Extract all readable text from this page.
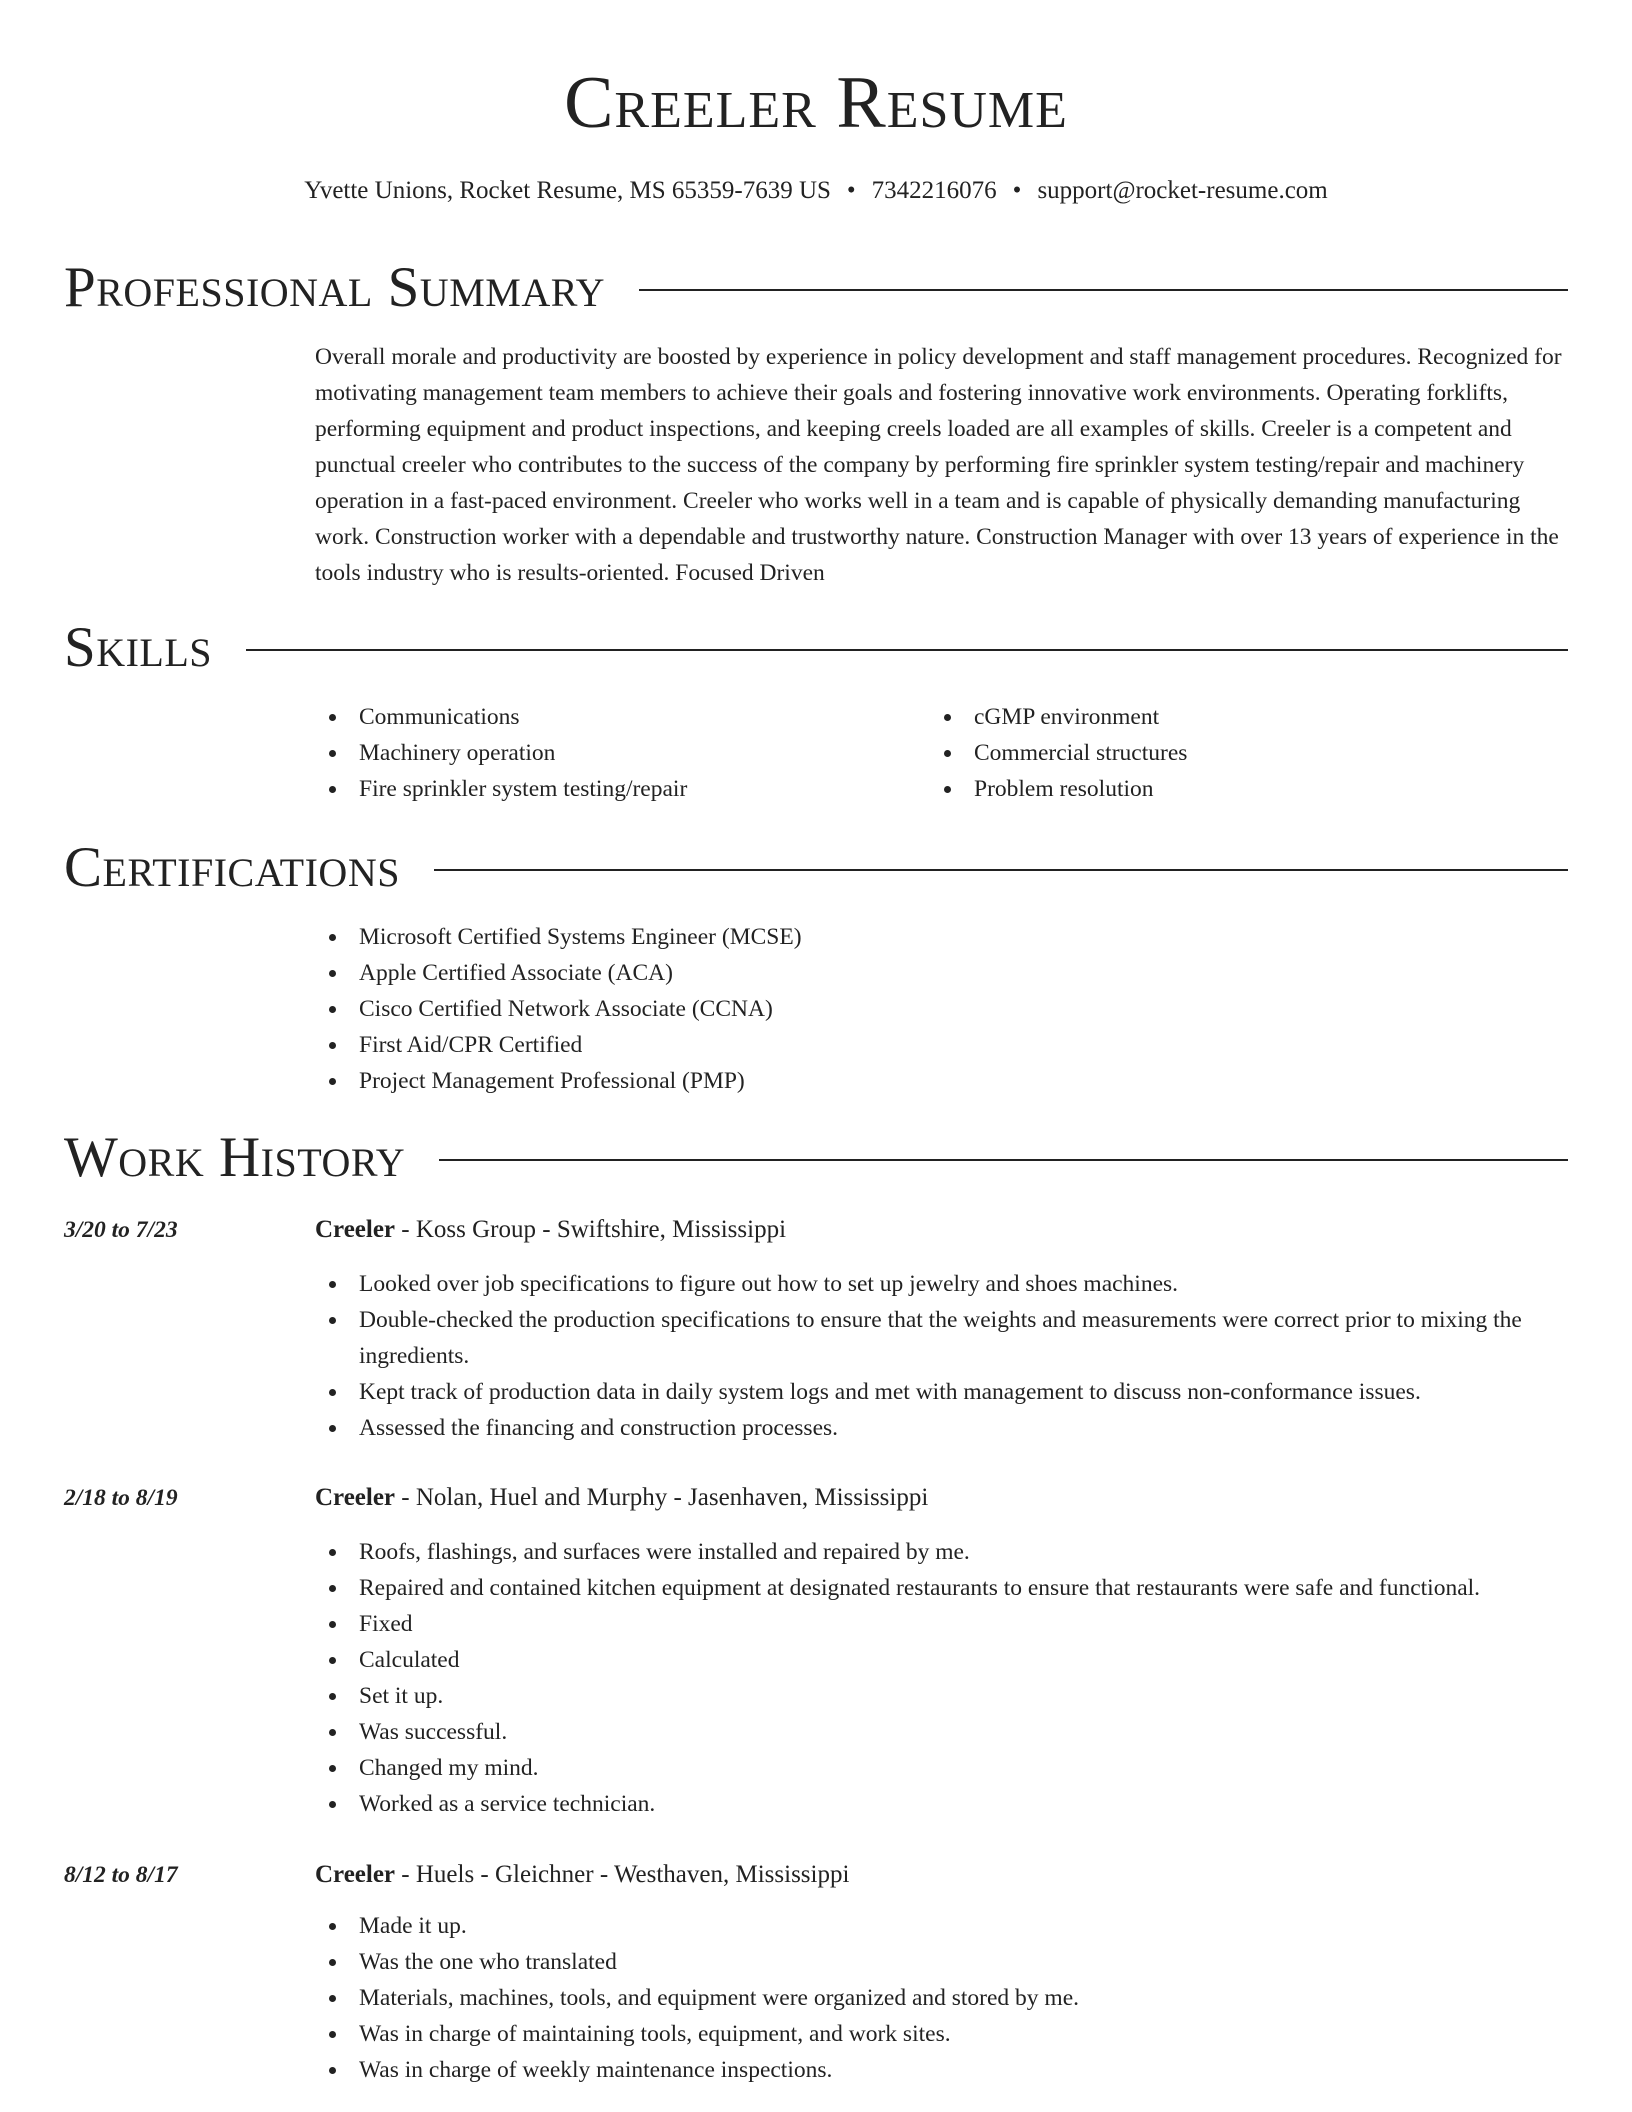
Creeler Resume
Yvette Unions, Rocket Resume, MS 65359-7639 US • 7342216076 • support@rocket-resume.com
Professional Summary

Overall morale and productivity are boosted by experience in policy development and staff management procedures. Recognized for motivating management team members to achieve their goals and fostering innovative work environments. Operating forklifts, performing equipment and product inspections, and keeping creels loaded are all examples of skills. Creeler is a competent and punctual creeler who contributes to the success of the company by performing fire sprinkler system testing/repair and machinery operation in a fast-paced environment. Creeler who works well in a team and is capable of physically demanding manufacturing work. Construction worker with a dependable and trustworthy nature. Construction Manager with over 13 years of experience in the tools industry who is results-oriented. Focused Driven

Skills
Communications
Machinery operation
Fire sprinkler system testing/repair
cGMP environment
Commercial structures
Problem resolution
Certifications
Microsoft Certified Systems Engineer (MCSE)
Apple Certified Associate (ACA)
Cisco Certified Network Associate (CCNA)
First Aid/CPR Certified
Project Management Professional (PMP)
Work History
3/20 to 7/23	Creeler - Koss Group - Swiftshire, Mississippi
Looked over job specifications to figure out how to set up jewelry and shoes machines.
Double-checked the production specifications to ensure that the weights and measurements were correct prior to mixing the ingredients.
Kept track of production data in daily system logs and met with management to discuss non-conformance issues.
Assessed the financing and construction processes.
2/18 to 8/19	Creeler - Nolan, Huel and Murphy - Jasenhaven, Mississippi
Roofs, flashings, and surfaces were installed and repaired by me.
Repaired and contained kitchen equipment at designated restaurants to ensure that restaurants were safe and functional.
Fixed
Calculated
Set it up.
Was successful.
Changed my mind.
Worked as a service technician.
8/12 to 8/17	Creeler - Huels - Gleichner - Westhaven, Mississippi
Made it up.
Was the one who translated
Materials, machines, tools, and equipment were organized and stored by me.
Was in charge of maintaining tools, equipment, and work sites.
Was in charge of weekly maintenance inspections.
